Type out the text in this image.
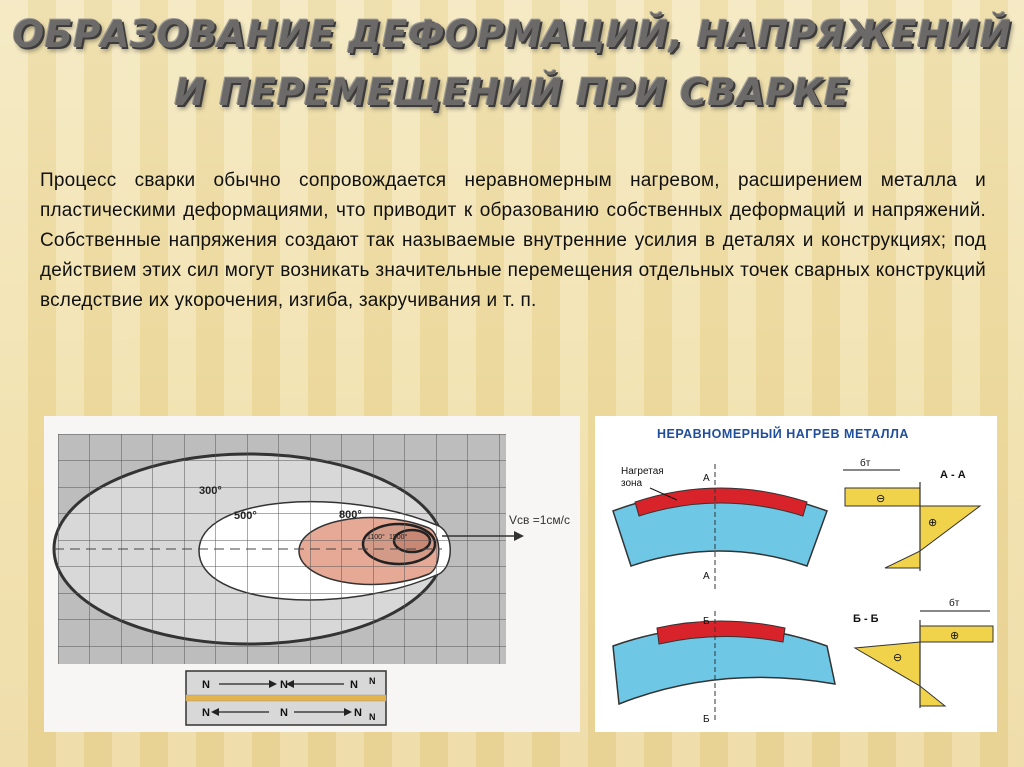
ОБРАЗОВАНИЕ ДЕФОРМАЦИЙ, НАПРЯЖЕНИЙ
И ПЕРЕМЕЩЕНИЙ ПРИ СВАРКЕ

Процесс сварки обычно сопровождается неравномерным нагревом, расширением металла и пластическими деформациями, что приводит к образованию собственных деформаций и напряжений. Собственные напряжения создают так называемые внутренние усилия в деталях и конструкциях; под действием этих сил могут возникать значительные перемещения отдельных точек сварных конструкций вследствие их укорочения, изгиба, закручивания и т. п.

300°
500°	800°
1100° 1500°
Vсв =1см/с
N	N	N
N	N	N
N
N
НЕРАВНОМЕРНЫЙ НАГРЕВ МЕТАЛЛА
Нагретая
зона	А
А
Б
Б
А - А
бт
⊖
⊕
Б - Б
бт
⊕
⊖
